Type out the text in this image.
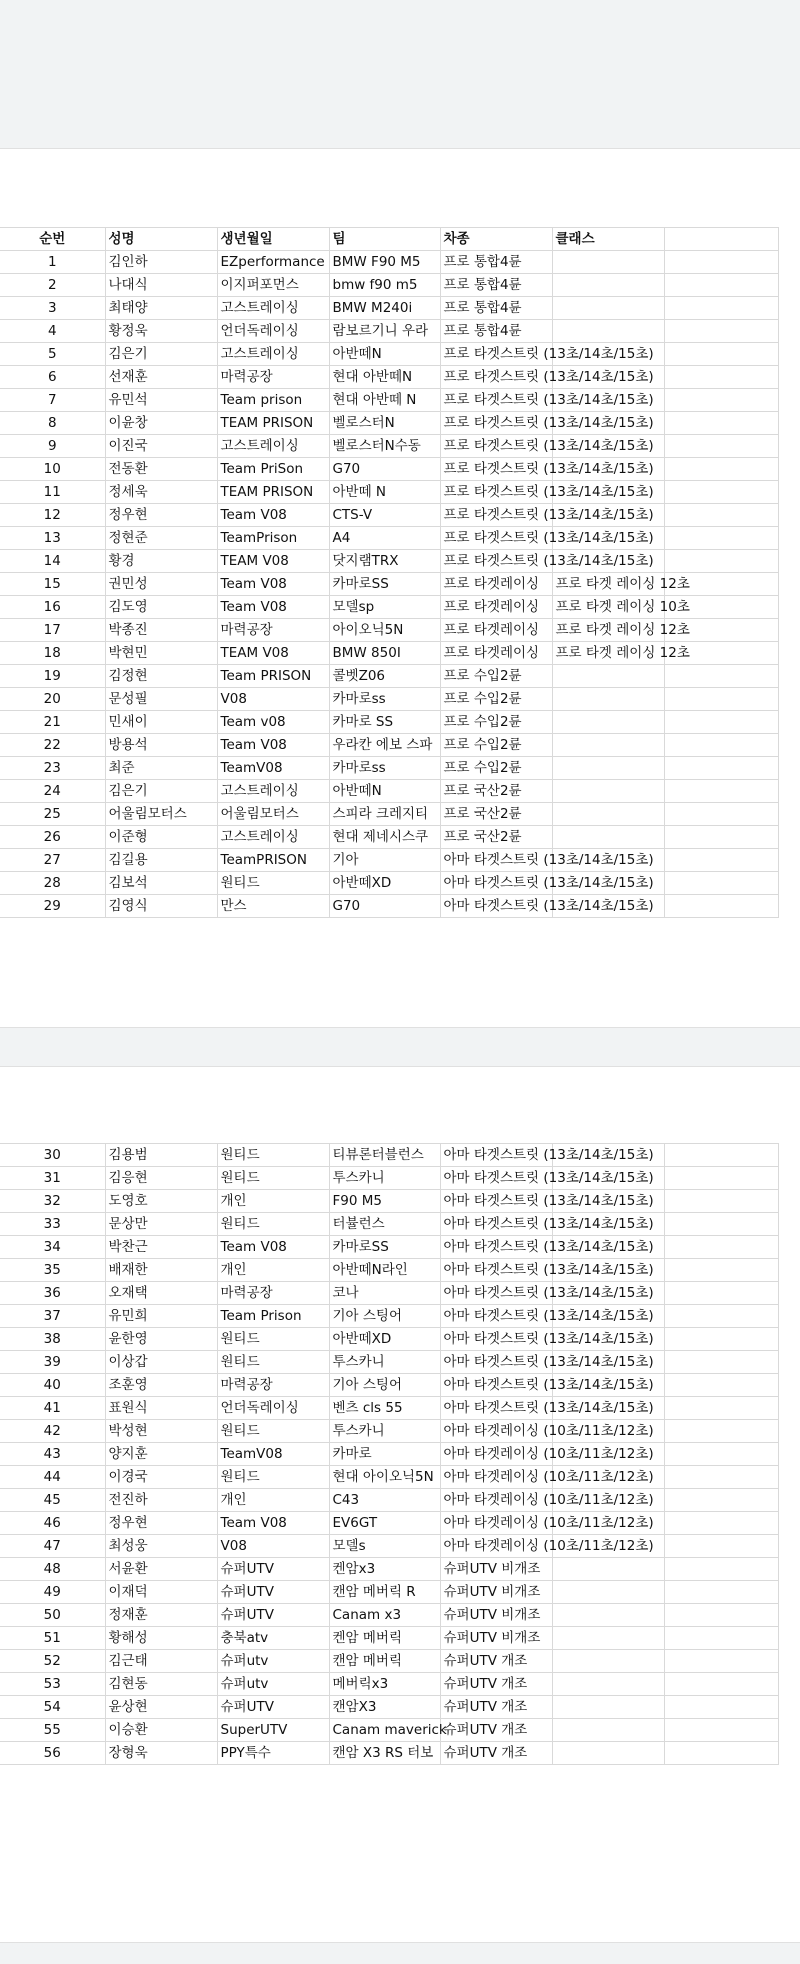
순번	성명	생년월일	팀	차종	클래스	
1	김인하	EZperformance	BMW F90 M5	프로 통합4륜		
2	나대식	이지퍼포먼스	bmw f90 m5	프로 통합4륜		
3	최태양	고스트레이싱	BMW M240i	프로 통합4륜		
4	황정욱	언더독레이싱	람보르기니 우라	프로 통합4륜		
5	김은기	고스트레이싱	아반떼N	프로 타겟스트릿 (13초/14초/15초)		
6	선재훈	마력공장	현대 아반떼N	프로 타겟스트릿 (13초/14초/15초)		
7	유민석	Team prison	현대 아반떼 N	프로 타겟스트릿 (13초/14초/15초)		
8	이윤창	TEAM PRISON	벨로스터N	프로 타겟스트릿 (13초/14초/15초)		
9	이진국	고스트레이싱	벨로스터N수동	프로 타겟스트릿 (13초/14초/15초)		
10	전동환	Team PriSon	G70	프로 타겟스트릿 (13초/14초/15초)		
11	정세욱	TEAM PRISON	아반떼 N	프로 타겟스트릿 (13초/14초/15초)		
12	정우현	Team V08	CTS-V	프로 타겟스트릿 (13초/14초/15초)		
13	정현준	TeamPrison	A4	프로 타겟스트릿 (13초/14초/15초)		
14	황경	TEAM V08	닷지램TRX	프로 타겟스트릿 (13초/14초/15초)		
15	권민성	Team V08	카마로SS	프로 타겟레이싱	프로 타겟 레이싱 12초	
16	김도영	Team V08	모델sp	프로 타겟레이싱	프로 타겟 레이싱 10초	
17	박종진	마력공장	아이오닉5N	프로 타겟레이싱	프로 타겟 레이싱 12초	
18	박현민	TEAM V08	BMW 850I	프로 타겟레이싱	프로 타겟 레이싱 12초	
19	김정현	Team PRISON	콜벳Z06	프로 수입2륜		
20	문성필	V08	카마로ss	프로 수입2륜		
21	민새이	Team v08	카마로 SS	프로 수입2륜		
22	방용석	Team V08	우라칸 에보 스파	프로 수입2륜		
23	최준	TeamV08	카마로ss	프로 수입2륜		
24	김은기	고스트레이싱	아반떼N	프로 국산2륜		
25	어울림모터스	어울림모터스	스피라 크레지티	프로 국산2륜		
26	이준형	고스트레이싱	현대 제네시스쿠	프로 국산2륜		
27	김길용	TeamPRISON	기아	아마 타겟스트릿 (13초/14초/15초)		
28	김보석	원티드	아반떼XD	아마 타겟스트릿 (13초/14초/15초)		
29	김영식	만스	G70	아마 타겟스트릿 (13초/14초/15초)		
30	김용범	원티드	티뷰론터블런스	아마 타겟스트릿 (13초/14초/15초)		
31	김응현	원티드	투스카니	아마 타겟스트릿 (13초/14초/15초)		
32	도영호	개인	F90 M5	아마 타겟스트릿 (13초/14초/15초)		
33	문상만	원티드	터뷸런스	아마 타겟스트릿 (13초/14초/15초)		
34	박찬근	Team V08	카마로SS	아마 타겟스트릿 (13초/14초/15초)		
35	배재한	개인	아반떼N라인	아마 타겟스트릿 (13초/14초/15초)		
36	오재택	마력공장	코나	아마 타겟스트릿 (13초/14초/15초)		
37	유민희	Team Prison	기아 스팅어	아마 타겟스트릿 (13초/14초/15초)		
38	윤한영	원티드	아반떼XD	아마 타겟스트릿 (13초/14초/15초)		
39	이상갑	원티드	투스카니	아마 타겟스트릿 (13초/14초/15초)		
40	조훈영	마력공장	기아 스팅어	아마 타겟스트릿 (13초/14초/15초)		
41	표원식	언더독레이싱	벤츠 cls 55	아마 타겟스트릿 (13초/14초/15초)		
42	박성현	원티드	투스카니	아마 타겟레이싱 (10초/11초/12초)		
43	양지훈	TeamV08	카마로	아마 타겟레이싱 (10초/11초/12초)		
44	이경국	원티드	현대 아이오닉5N	아마 타겟레이싱 (10초/11초/12초)		
45	전진하	개인	C43	아마 타겟레이싱 (10초/11초/12초)		
46	정우현	Team V08	EV6GT	아마 타겟레이싱 (10초/11초/12초)		
47	최성웅	V08	모델s	아마 타겟레이싱 (10초/11초/12초)		
48	서윤환	슈퍼UTV	켄암x3	슈퍼UTV 비개조		
49	이재덕	슈퍼UTV	캔암 메버릭 R	슈퍼UTV 비개조		
50	정재훈	슈퍼UTV	Canam x3	슈퍼UTV 비개조		
51	황해성	충북atv	켄암 메버릭	슈퍼UTV 비개조		
52	김근태	슈퍼utv	캔암 메버릭	슈퍼UTV 개조		
53	김현동	슈퍼utv	메버릭x3	슈퍼UTV 개조		
54	윤상현	슈퍼UTV	캔암X3	슈퍼UTV 개조		
55	이승환	SuperUTV	Canam maverick	슈퍼UTV 개조		
56	장형욱	PPY특수	캔암 X3 RS 터보	슈퍼UTV 개조		
